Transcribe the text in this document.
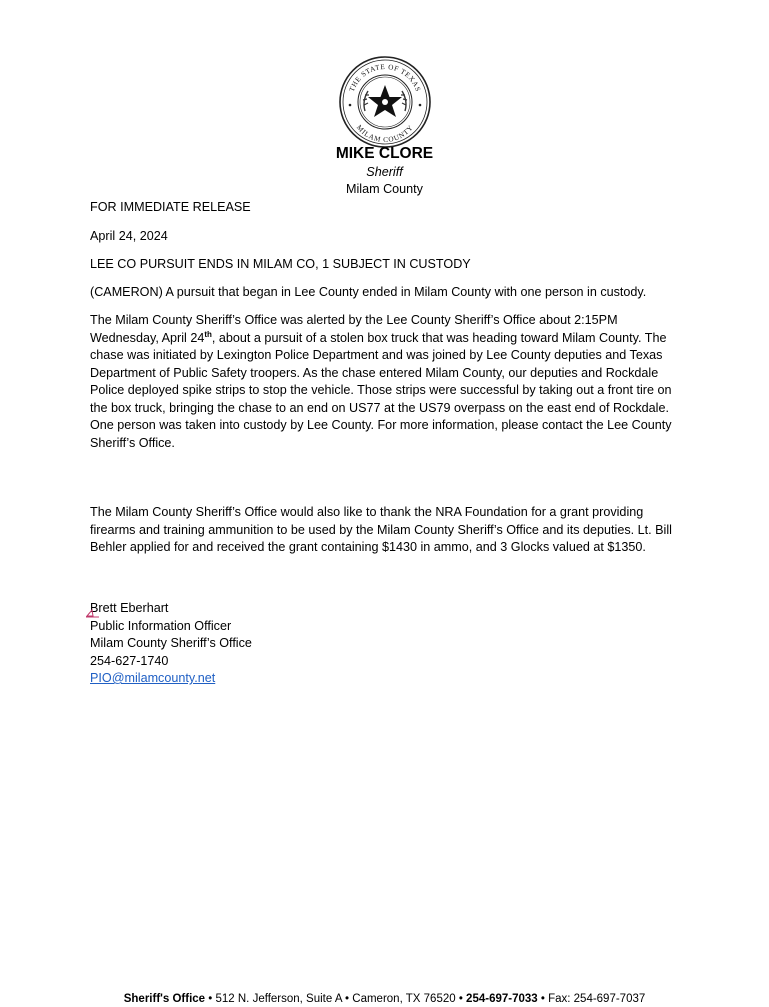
THE STATE OF TEXAS
MILAM COUNTY
MIKE CLORE
Sheriff
Milam County
FOR IMMEDIATE RELEASE
April 24, 2024
LEE CO PURSUIT ENDS IN MILAM CO, 1 SUBJECT IN CUSTODY
(CAMERON) A pursuit that began in Lee County ended in Milam County with one person in custody.

The Milam County Sheriff’s Office was alerted by the Lee County Sheriff’s Office about 2:15PM Wednesday, April 24th, about a pursuit of a stolen box truck that was heading toward Milam County. The chase was initiated by Lexington Police Department and was joined by Lee County deputies and Texas Department of Public Safety troopers. As the chase entered Milam County, our deputies and Rockdale Police deployed spike strips to stop the vehicle. Those strips were successful by taking out a front tire on the box truck, bringing the chase to an end on US77 at the US79 overpass on the east end of Rockdale. One person was taken into custody by Lee County. For more information, please contact the Lee County Sheriff’s Office.

The Milam County Sheriff’s Office would also like to thank the NRA Foundation for a grant providing firearms and training ammunition to be used by the Milam County Sheriff’s Office and its deputies. Lt. Bill Behler applied for and received the grant containing $1430 in ammo, and 3 Glocks valued at $1350.

Brett Eberhart
Public Information Officer
Milam County Sheriff’s Office
254-627-1740
PIO@milamcounty.net
Sheriff's Office • 512 N. Jefferson, Suite A • Cameron, TX 76520 • 254-697-7033 • Fax: 254-697-7037
